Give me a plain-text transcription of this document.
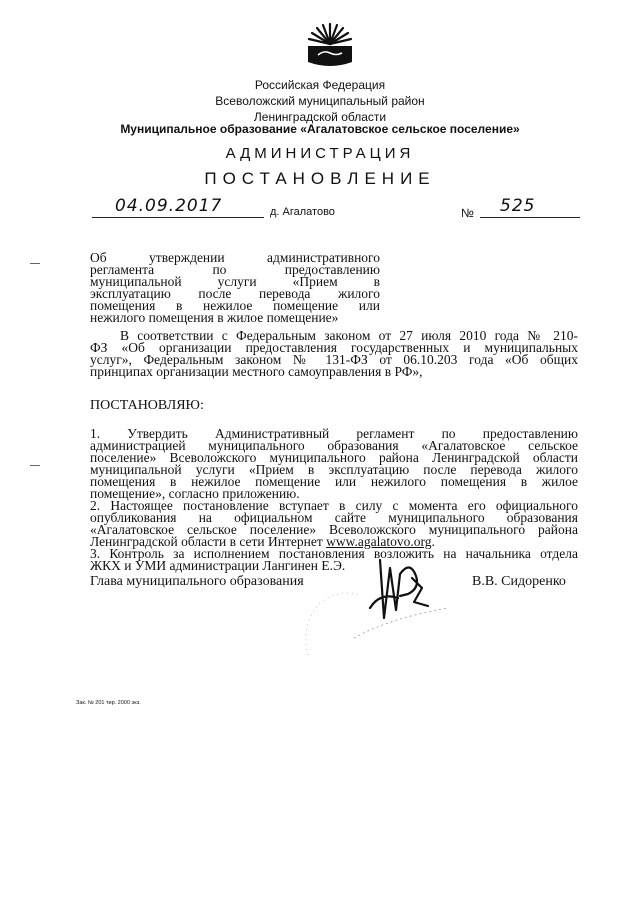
Российская Федерация
Всеволожский муниципальный район
Ленинградской области
Муниципальное образование «Агалатовское сельское поселение»
АДМИНИСТРАЦИЯ
ПОСТАНОВЛЕНИЕ
04.09.2017	д. Агалатово	№ 525
Об утверждении административного
регламента по предоставлению
муниципальной услуги «Прием в
эксплуатацию после перевода жилого
помещения в нежилое помещение или
нежилого помещения в жилое помещение»
В соответствии с Федеральным законом от 27 июля 2010 года № 210-
ФЗ «Об организации предоставления государственных и муниципальных
услуг», Федеральным законом № 131-ФЗ от 06.10.203 года «Об общих
принципах организации местного самоуправления в РФ»,
ПОСТАНОВЛЯЮ:
1. Утвердить Административный регламент по предоставлению
администрацией муниципального образования «Агалатовское сельское
поселение» Всеволожского муниципального района Ленинградской области
муниципальной услуги «Прием в эксплуатацию после перевода жилого
помещения в нежилое помещение или нежилого помещения в жилое
помещение», согласно приложению.
2. Настоящее постановление вступает в силу с момента его официального
опубликования на официальном сайте муниципального образования
«Агалатовское сельское поселение» Всеволожского муниципального района
Ленинградской области в сети Интернет www.agalatovo.org.
3. Контроль за исполнением постановления возложить на начальника отдела
ЖКХ и УМИ администрации Лангинен Е.Э.
Глава муниципального образования	В.В. Сидоренко
Зак. № 201 тир. 2000 экз.
